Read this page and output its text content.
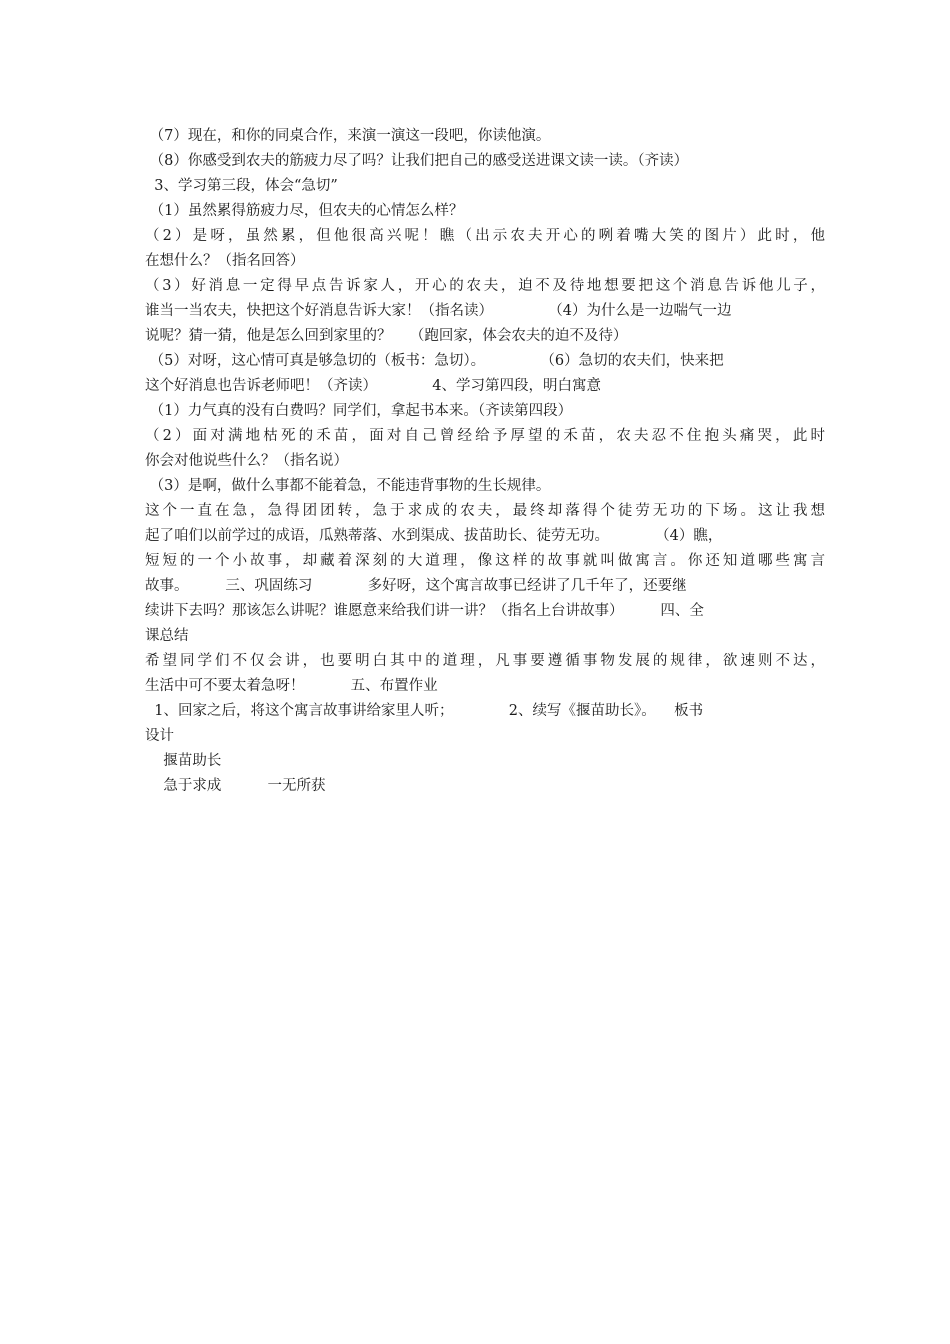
（7）现在，和你的同桌合作，来演一演这一段吧，你读他演。
（8）你感受到农夫的筋疲力尽了吗？让我们把自己的感受送进课文读一读。（齐读）
3、学习第三段，体会“急切”
（1）虽然累得筋疲力尽，但农夫的心情怎么样？
（2）是呀，虽然累，但他很高兴呢！瞧（出示农夫开心的咧着嘴大笑的图片）此时，他
在想什么？（指名回答）
（3）好消息一定得早点告诉家人，开心的农夫，迫不及待地想要把这个消息告诉他儿子，
谁当一当农夫，快把这个好消息告诉大家！（指名读）            （4）为什么是一边喘气一边
说呢？猜一猜，他是怎么回到家里的？    （跑回家，体会农夫的迫不及待）
（5）对呀，这心情可真是够急切的（板书：急切）。            （6）急切的农夫们，快来把
这个好消息也告诉老师吧！（齐读）            4、学习第四段，明白寓意
（1）力气真的没有白费吗？同学们，拿起书本来。（齐读第四段）
（2）面对满地枯死的禾苗，面对自己曾经给予厚望的禾苗，农夫忍不住抱头痛哭，此时
你会对他说些什么？（指名说）
（3）是啊，做什么事都不能着急，不能违背事物的生长规律。
这个一直在急，急得团团转，急于求成的农夫，最终却落得个徒劳无功的下场。这让我想
起了咱们以前学过的成语，瓜熟蒂落、水到渠成、拔苗助长、徒劳无功。          （4）瞧，
短短的一个小故事，却藏着深刻的大道理，像这样的故事就叫做寓言。你还知道哪些寓言
故事。        三、巩固练习            多好呀，这个寓言故事已经讲了几千年了，还要继
续讲下去吗？那该怎么讲呢？谁愿意来给我们讲一讲？（指名上台讲故事）        四、全
课总结
希望同学们不仅会讲，也要明白其中的道理，凡事要遵循事物发展的规律，欲速则不达，
生活中可不要太着急呀！          五、布置作业
1、回家之后，将这个寓言故事讲给家里人听；            2、续写《揠苗助长》。    板书
设计
揠苗助长
急于求成          一无所获
